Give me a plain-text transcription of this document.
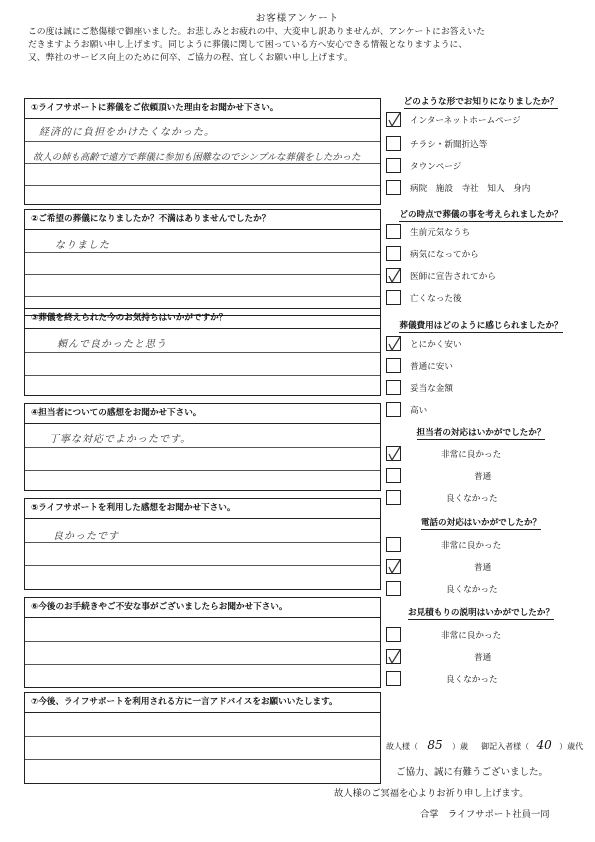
お客様アンケート
この度は誠にご愁傷様で御座いました。お悲しみとお疲れの中、大変申し訳ありませんが、アンケートにお答えいた
だきますようお願い申し上げます。同じように葬儀に関して困っている方へ安心できる情報となりますように、
又、弊社のサービス向上のために何卒、ご協力の程、宜しくお願い申し上げます。
①ライフサポートに葬儀をご依頼頂いた理由をお聞かせ下さい。
経済的に負担をかけたくなかった。
故人の姉も高齢で遠方で葬儀に参加も困難なのでシンプルな葬儀をしたかった
②ご希望の葬儀になりましたか？不満はありませんでしたか？
なりました
③葬儀を終えられた今のお気持ちはいかがですか？
頼んで良かったと思う
④担当者についての感想をお聞かせ下さい。
丁寧な対応でよかったです。
⑤ライフサポートを利用した感想をお聞かせ下さい。
良かったです
⑥今後のお手続きやご不安な事がございましたらお聞かせ下さい。
⑦今後、ライフサポートを利用される方に一言アドバイスをお願いいたします。
どのような形でお知りになりましたか？
インターネットホームページ
チラシ・新聞折込等
タウンページ
病院　施設　寺社　知人　身内
どの時点で葬儀の事を考えられましたか？
生前元気なうち
病気になってから
医師に宣告されてから
亡くなった後
葬儀費用はどのように感じられましたか？
とにかく安い
普通に安い
妥当な金額
高い
担当者の対応はいかがでしたか？
非常に良かった
普通
良くなかった
電話の対応はいかがでしたか？
非常に良かった
普通
良くなかった
お見積もりの説明はいかがでしたか？
非常に良かった
普通
良くなかった
故人様（ 85 ）歳 御記入者様（ 40 ）歳代
ご協力、誠に有難うございました。
故人様のご冥福を心よりお祈り申し上げます。
合掌　ライフサポート社員一同
